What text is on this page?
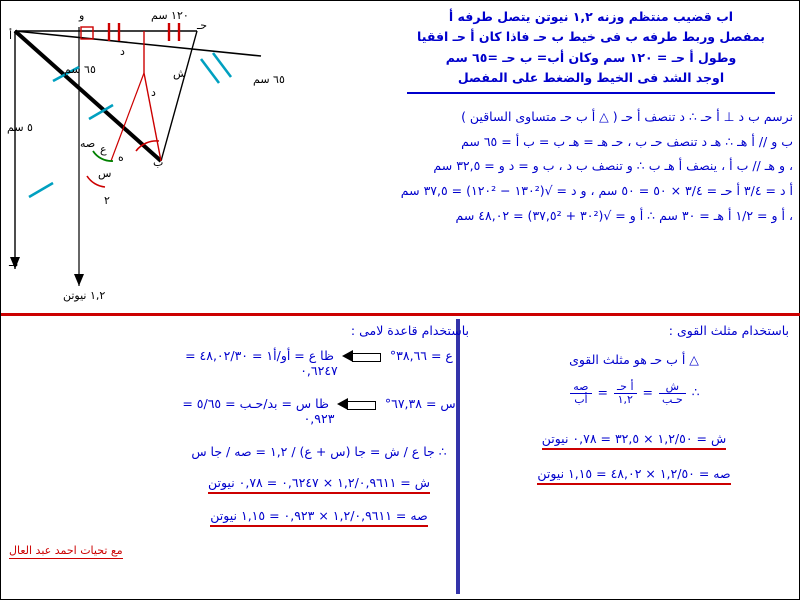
و	١٢٠ سم
حـ
أ
د
٦٥ سم	ش	٦٥ سم
د
صه ع
ه	ب
س
٢
هـ
٥ سم
١,٢ نيوتن
اب قضيب منتظم وزنه ١,٢ نيوتن يتصل طرفه أ
بمفصل وربط طرفه ب فى خيط ب حـ فاذا كان أ حـ افقيا
وطول أ حـ = ١٢٠ سم وكان أب= ب حـ =٦٥ سم
اوجد الشد فى الخيط والضغط على المفصل
نرسم ب د ⊥ أ حـ ∴ د تنصف أ حـ ( △ أ ب حـ متساوى الساقين )
ب و // أ هـ ∴ هـ د تنصف حـ ب ، حـ هـ = هـ ب = ب أ = ٦٥ سم
، و هـ // ب أ ، ينصف أ هـ ب ∴ و تنصف ب د ، ب و = د و = ٣٢,٥ سم
أ د = ٣/٤ أ حـ = ٣/٤ × ٥٠ = ٥٠ سم ، و د = √(١٣٠² − ١٢٠²) = ٣٧,٥ سم
، أ و = ١/٢ أ هـ = ٣٠ سم ∴ أ و = √(٣٠² + ٣٧,٥²) = ٤٨,٠٢ سم
باستخدام مثلث القوى :
△ أ ب حـ هو مثلث القوى
∴
$\frac{\text{ش}}{\text{حـب}}$
=
$\frac{\text{أ حـ}}{١,٢}$
=
$\frac{\text{صه}}{\text{أب}}$
ش = ١,٢/٥٠ × ٣٢,٥ = ٠,٧٨ نيوتن
صه = ١,٢/٥٠ × ٤٨,٠٢ = ١,١٥ نيوتن
باستخدام قاعدة لامى :
ع = ٣٨,٦٦°  ظا ع = أو/أ١ = ٤٨,٠٢/٣٠ = ٠,٦٢٤٧
س = ٦٧,٣٨°  ظا س = بد/حـب = ٥/٦٥ = ٠,٩٢٣
∴ جا ع / ش = جا (س + ع) / ١,٢ = صه / جا س
ش = ١,٢/٠,٩٦١١ × ٠,٦٢٤٧ = ٠,٧٨ نيوتن
صه = ١,٢/٠,٩٦١١ × ٠,٩٢٣ = ١,١٥ نيوتن
مع تحيات احمد عبد العال
